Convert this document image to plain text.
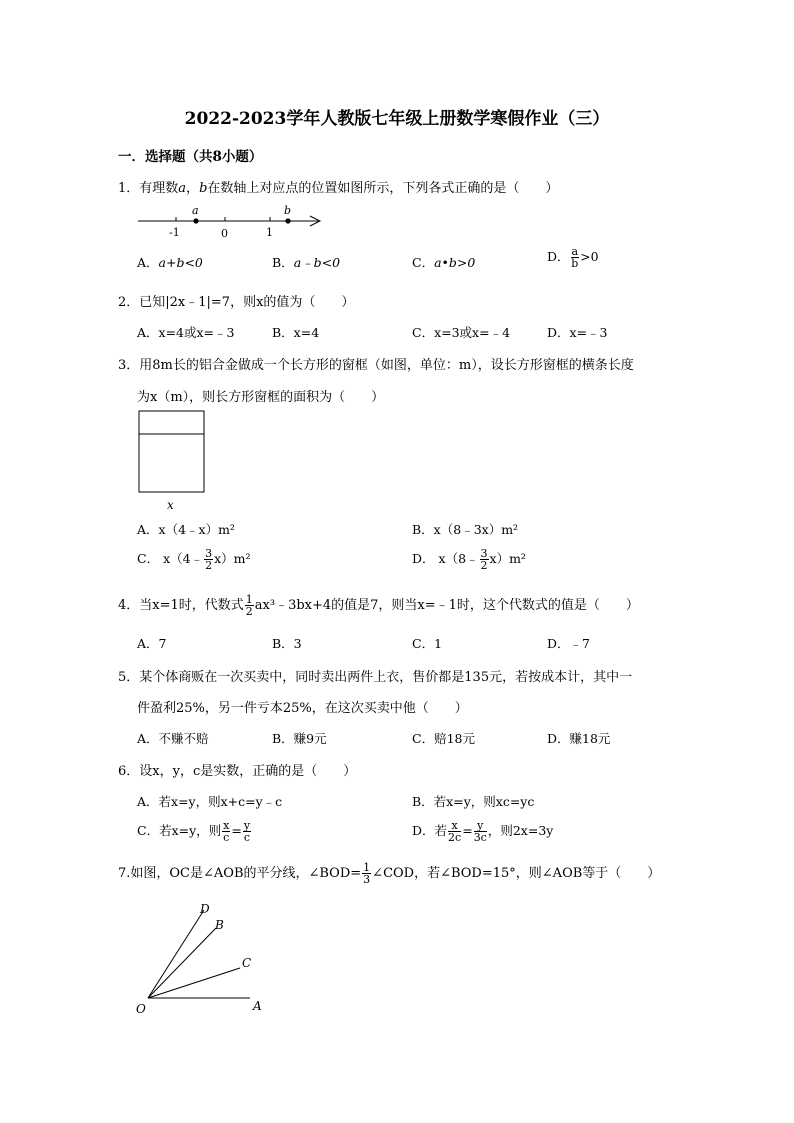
2022-2023学年人教版七年级上册数学寒假作业（三）
一．选择题（共8小题）
1．有理数a，b在数轴上对应点的位置如图所示，下列各式正确的是（　　）
a	b
-1	0	1
A．a+b<0	B．a﹣b<0	C．a•b>0	D． $\frac{a}{b} >0$
2．已知|2x﹣1|=7，则x的值为（　　）
A．x=4或x=﹣3	B．x=4	C．x=3或x=﹣4	D．x=﹣3
3．用8m长的铝合金做成一个长方形的窗框（如图，单位：m），设长方形窗框的横条长度
为x（m），则长方形窗框的面积为（　　）
x
A．x（4﹣x）m²	B．x（8﹣3x）m²
C． x（4﹣ $\frac{3}{2} x)m^2$	D． x（8﹣ $\frac{3}{2} x)m^2$
4．当x=1时，代数式 $\frac{1}{2}$ ax³﹣3bx+4的值是7，则当x=﹣1时，这个代数式的值是（　　）
A．7	B．3	C．1	D．﹣7
5．某个体商贩在一次买卖中，同时卖出两件上衣，售价都是135元，若按成本计，其中一
件盈利25%，另一件亏本25%，在这次买卖中他（　　）
A．不赚不赔	B．赚9元	C．赔18元	D．赚18元
6．设x，y，c是实数，正确的是（　　）
A．若x=y，则x+c=y﹣c	B．若x=y，则xc=yc
C．若x=y，则 $\frac{x}{c} = \frac{y}{c}$	D．若 $\frac{x}{2c} = \frac{y}{3c}$ ，则2x=3y
7.如图，OC是∠AOB的平分线，∠BOD= $\frac{1}{3}$ ∠COD，若∠BOD=15°，则∠AOB等于（　　）
D
B
C
A
O
